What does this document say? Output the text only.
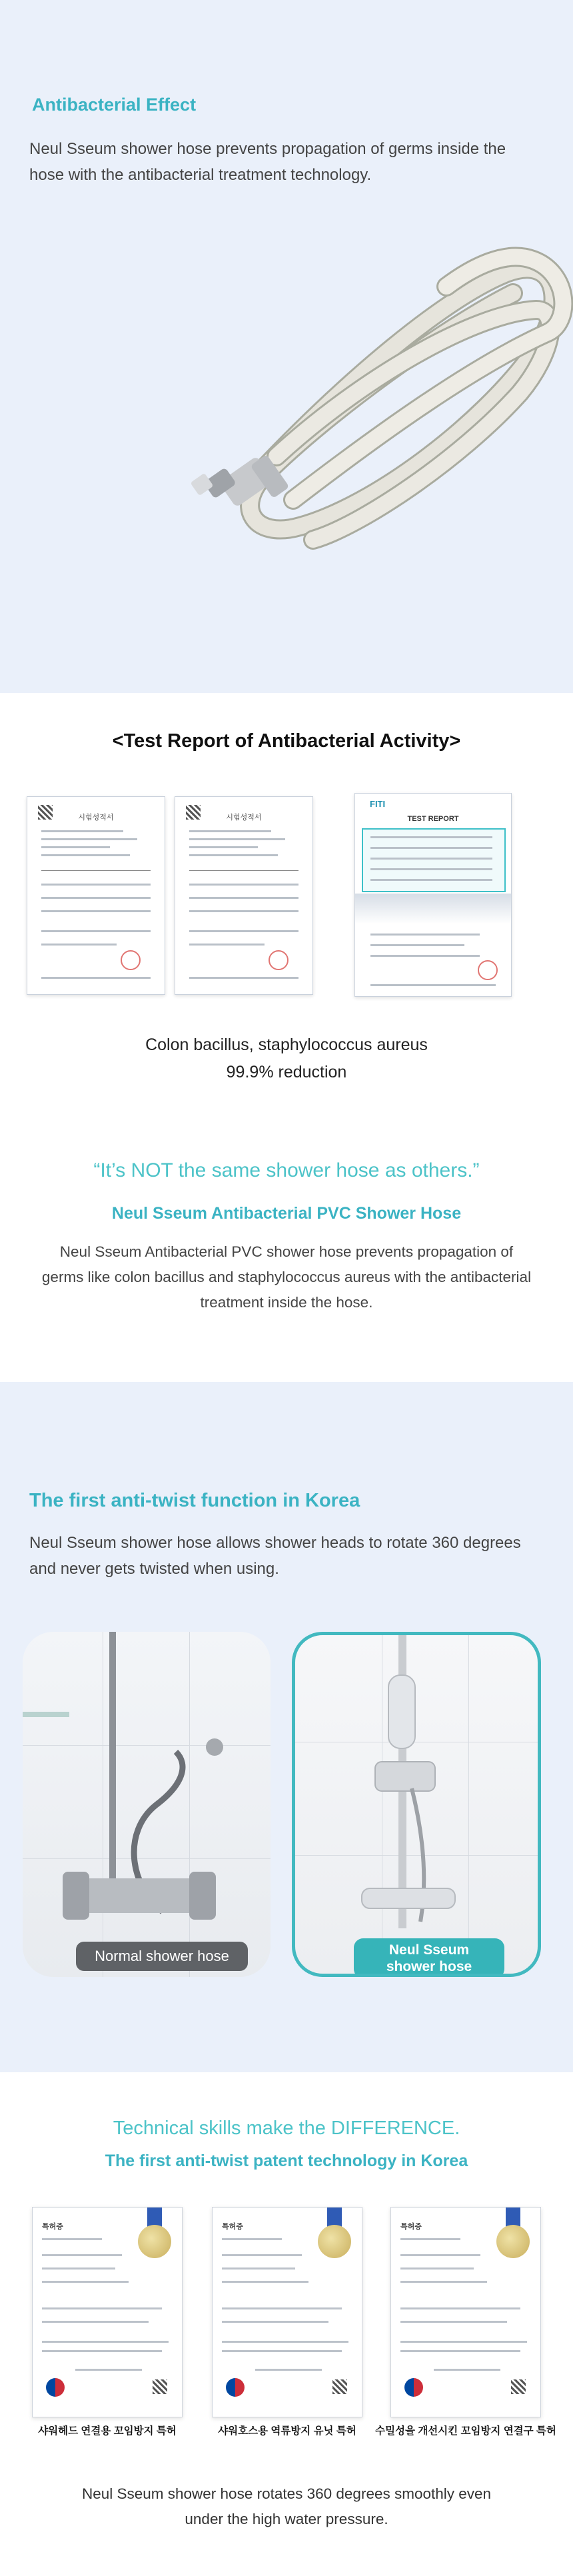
Antibacterial Effect
Neul Sseum shower hose prevents propagation of germs inside the hose with the antibacterial treatment technology.
<Test Report of Antibacterial Activity>
시험성적서	시험성적서
FITI
TEST REPORT
Colon bacillus, staphylococcus aureus
99.9% reduction
“It’s NOT the same shower hose as others.”
Neul Sseum Antibacterial PVC Shower Hose
Neul Sseum Antibacterial PVC shower hose prevents propagation of germs like colon bacillus and staphylococcus aureus with the antibacterial treatment inside the hose.
The first anti-twist function in Korea
Neul Sseum shower hose allows shower heads to rotate 360 degrees and never gets twisted when using.
Normal shower hose	Neul Sseum
shower hose
Technical skills make the DIFFERENCE.
The first anti-twist patent technology in Korea
특허증	특허증	특허증
샤워헤드 연결용 꼬임방지 특허	샤워호스용 역류방지 유닛 특허	수밀성을 개선시킨 꼬임방지 연결구 특허
Neul Sseum shower hose rotates 360 degrees smoothly even under the high water pressure.
